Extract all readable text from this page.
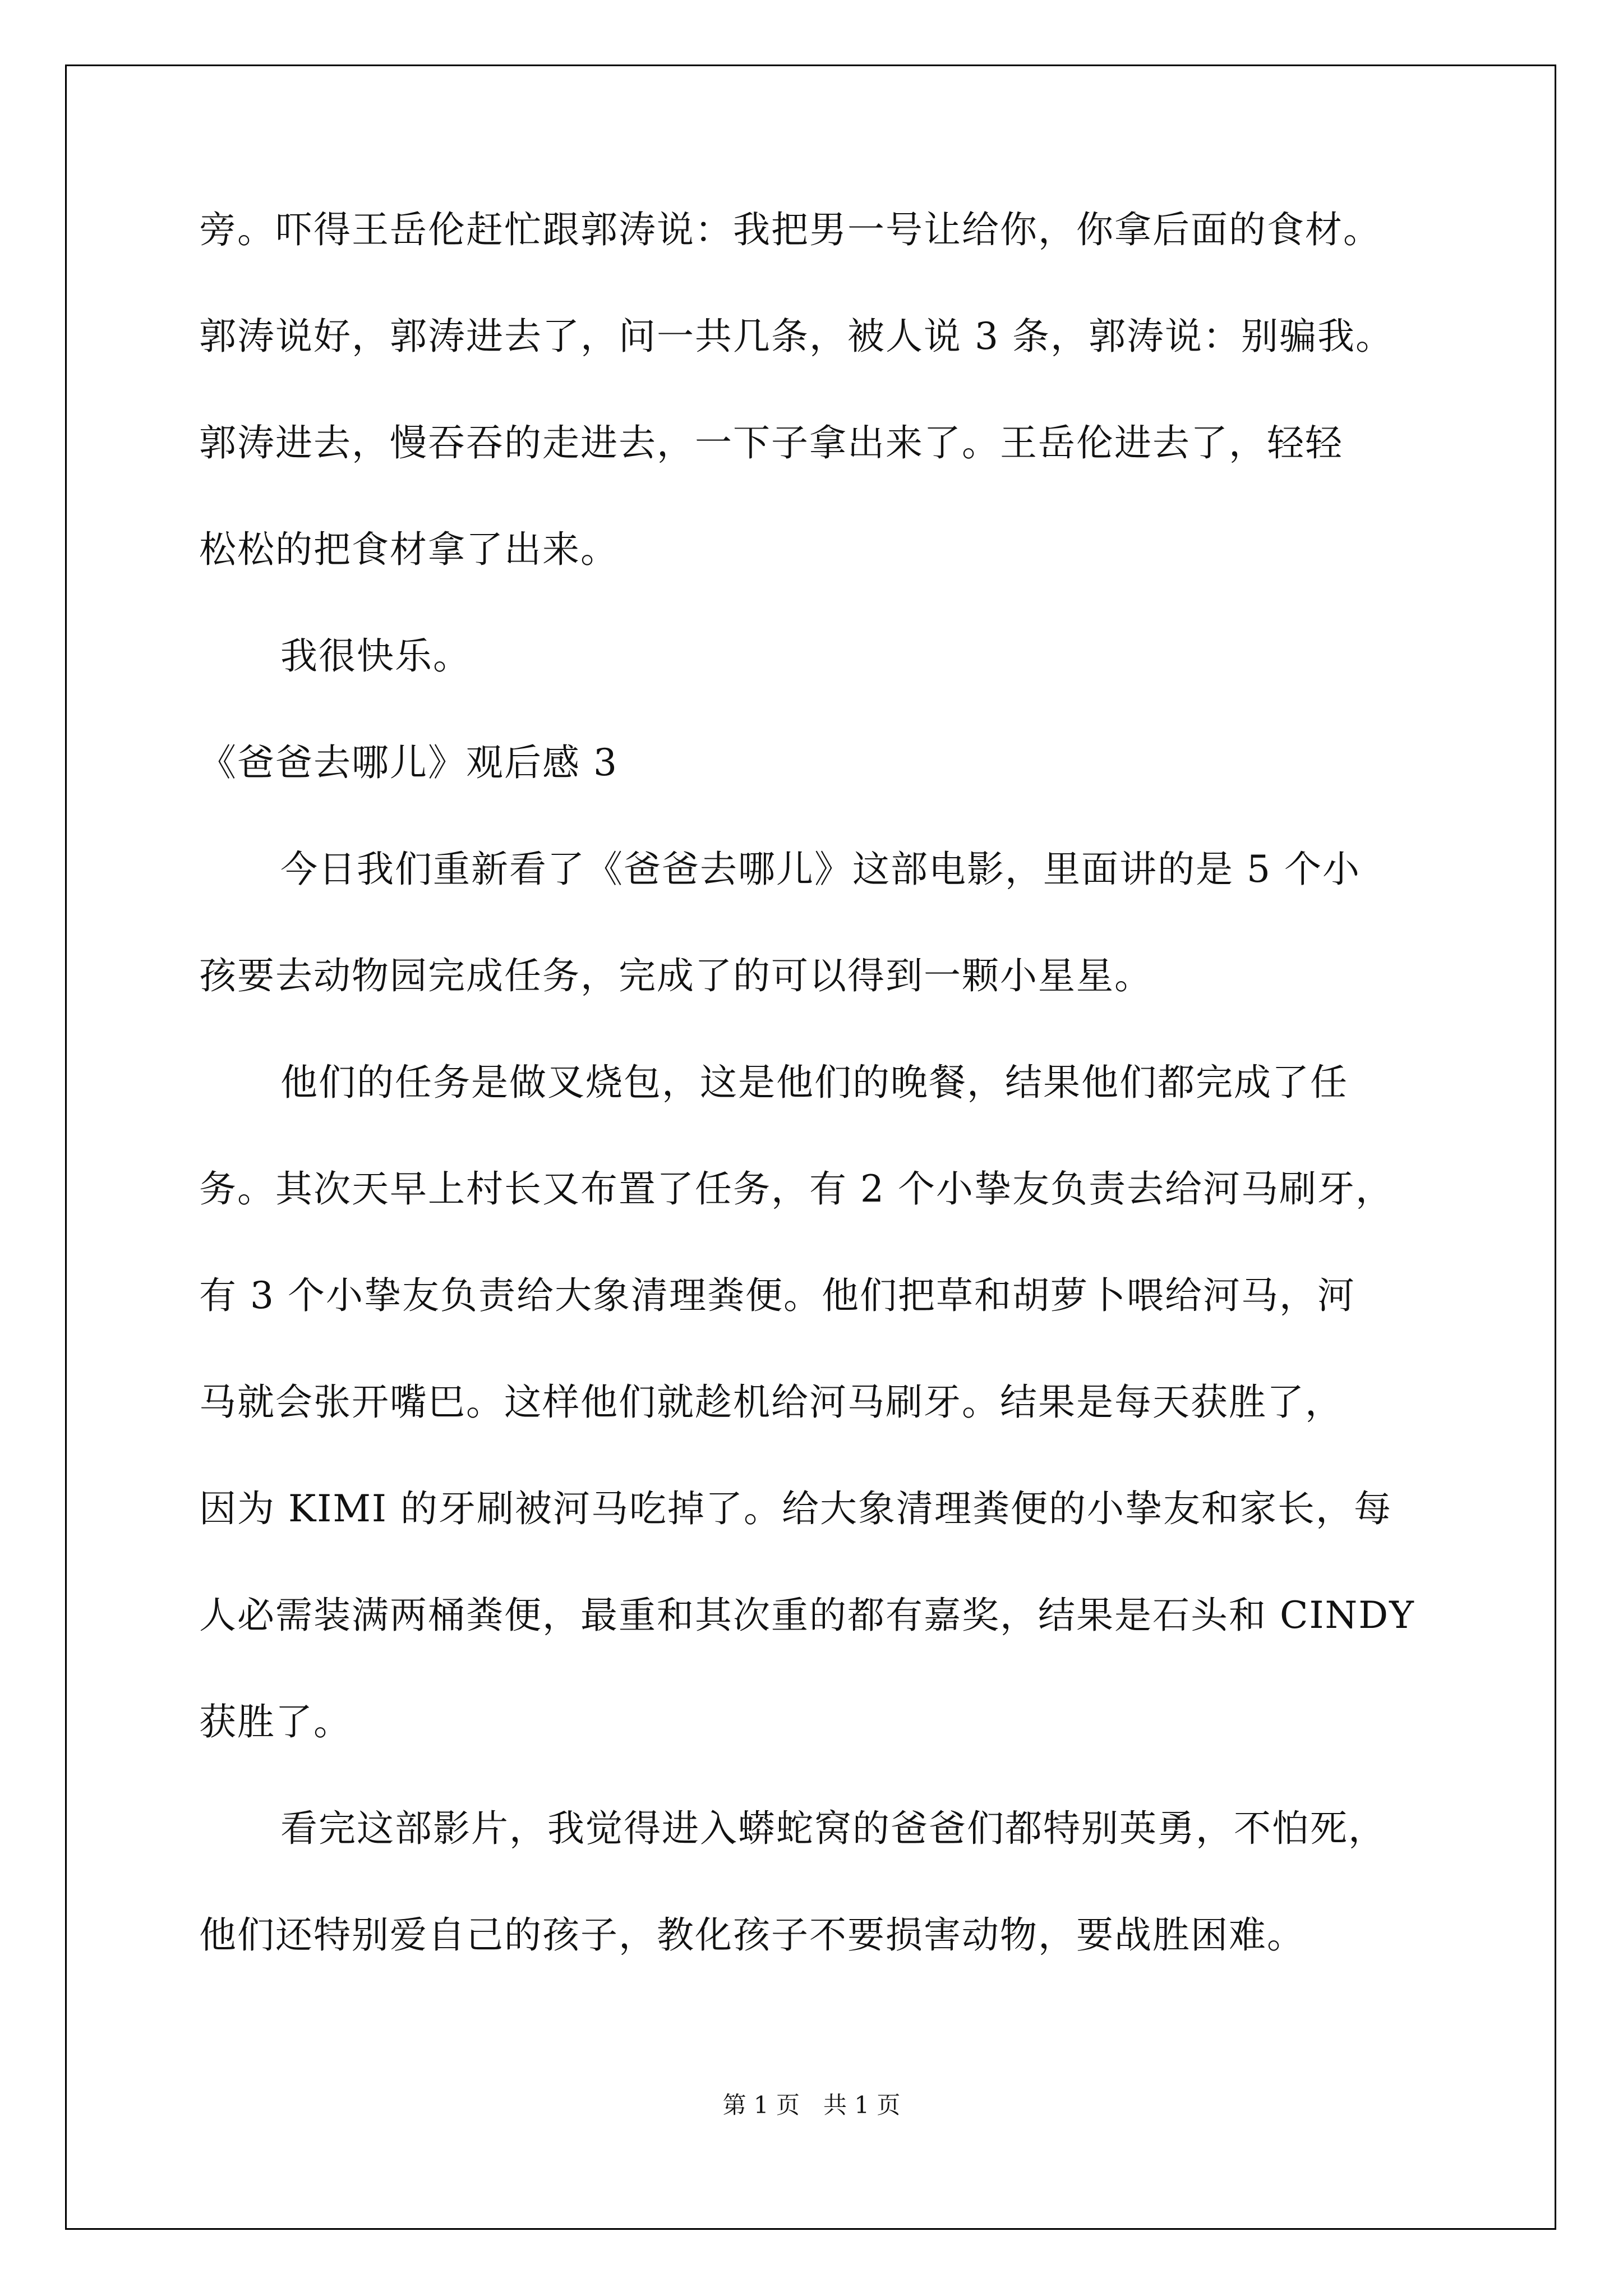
旁。吓得王岳伦赶忙跟郭涛说：我把男一号让给你，你拿后面的食材。
郭涛说好，郭涛进去了，问一共几条，被人说 3 条，郭涛说：别骗我。
郭涛进去，慢吞吞的走进去，一下子拿出来了。王岳伦进去了，轻轻
松松的把食材拿了出来。
我很快乐。
《爸爸去哪儿》观后感 3
今日我们重新看了《爸爸去哪儿》这部电影，里面讲的是 5 个小
孩要去动物园完成任务，完成了的可以得到一颗小星星。
他们的任务是做叉烧包，这是他们的晚餐，结果他们都完成了任
务。其次天早上村长又布置了任务，有 2 个小挚友负责去给河马刷牙，
有 3 个小挚友负责给大象清理粪便。他们把草和胡萝卜喂给河马，河
马就会张开嘴巴。这样他们就趁机给河马刷牙。结果是每天获胜了，
因为 KIMI 的牙刷被河马吃掉了。给大象清理粪便的小挚友和家长，每
人必需装满两桶粪便，最重和其次重的都有嘉奖，结果是石头和 CINDY
获胜了。
看完这部影片，我觉得进入蟒蛇窝的爸爸们都特别英勇，不怕死，
他们还特别爱自己的孩子，教化孩子不要损害动物，要战胜困难。
第 1 页　共 1 页
